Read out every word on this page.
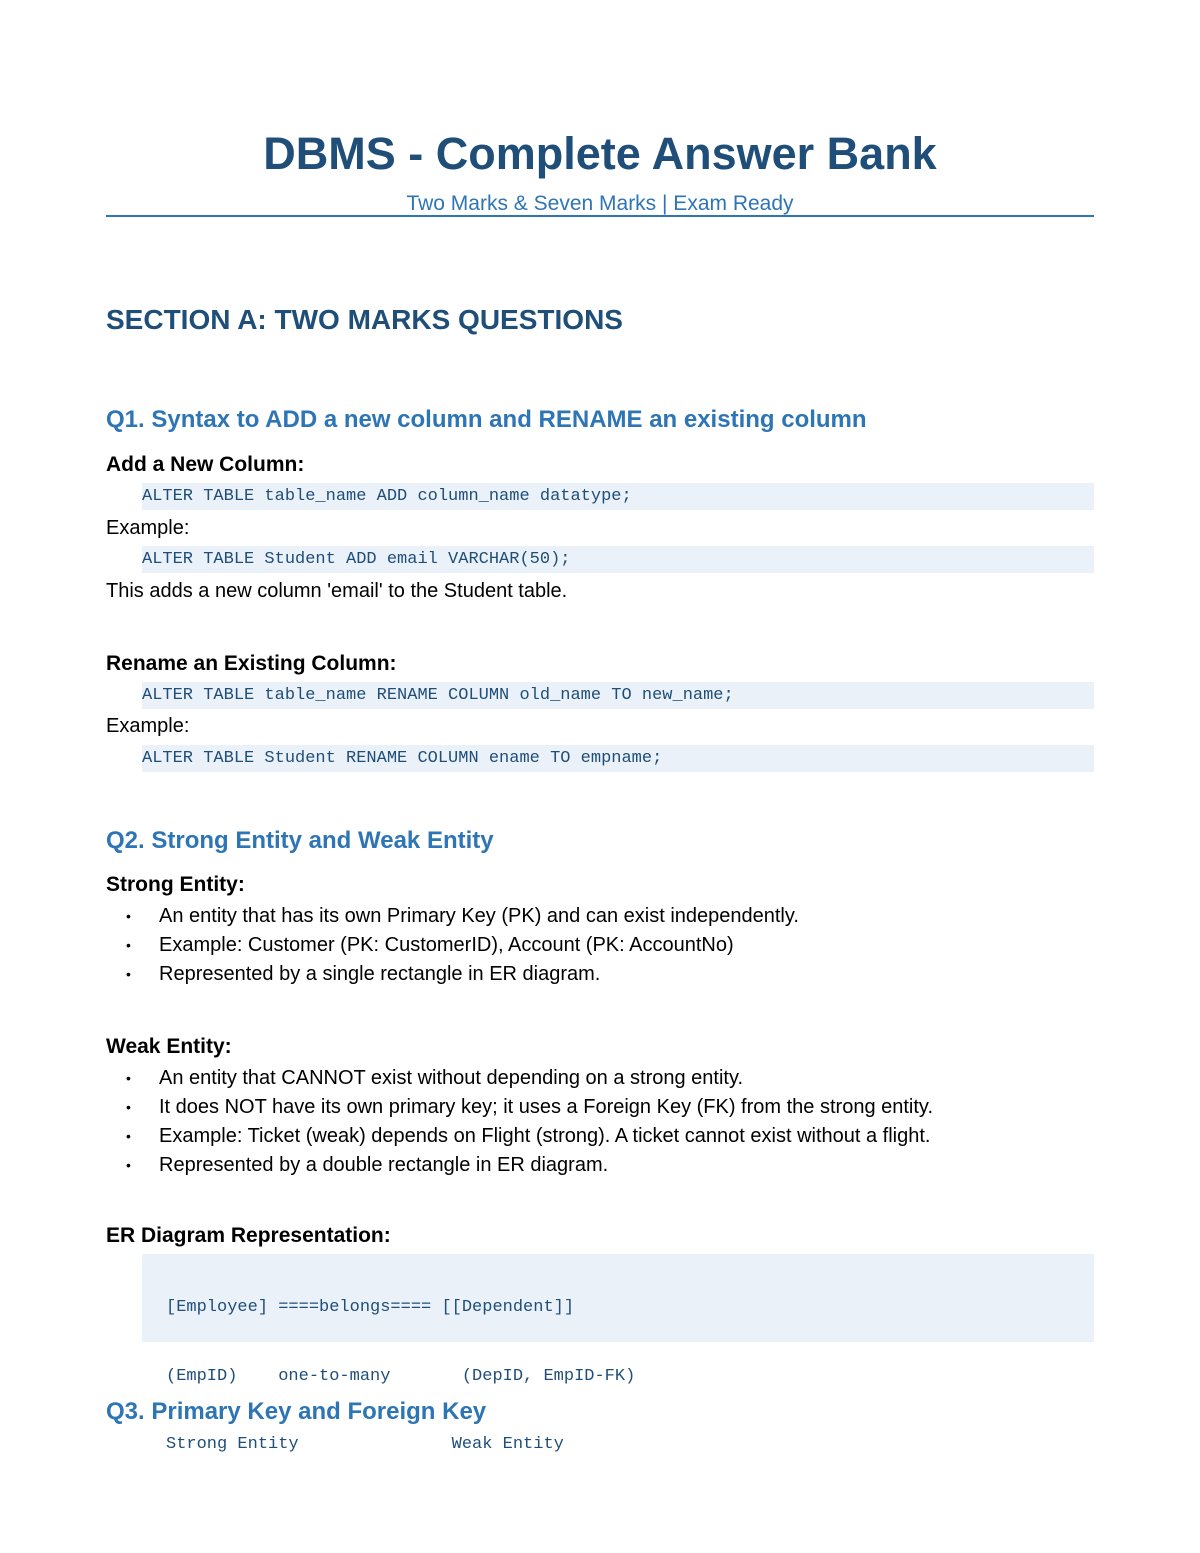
DBMS - Complete Answer Bank
Two Marks & Seven Marks | Exam Ready
SECTION A: TWO MARKS QUESTIONS
Q1. Syntax to ADD a new column and RENAME an existing column
Add a New Column:
ALTER TABLE table_name ADD column_name datatype;
Example:
ALTER TABLE Student ADD email VARCHAR(50);
This adds a new column 'email' to the Student table.
Rename an Existing Column:
ALTER TABLE table_name RENAME COLUMN old_name TO new_name;
Example:
ALTER TABLE Student RENAME COLUMN ename TO empname;
Q2. Strong Entity and Weak Entity
Strong Entity:
• An entity that has its own Primary Key (PK) and can exist independently.
• Example: Customer (PK: CustomerID), Account (PK: AccountNo)
• Represented by a single rectangle in ER diagram.
Weak Entity:
• An entity that CANNOT exist without depending on a strong entity.
• It does NOT have its own primary key; it uses a Foreign Key (FK) from the strong entity.
• Example: Ticket (weak) depends on Flight (strong). A ticket cannot exist without a flight.
• Represented by a double rectangle in ER diagram.
ER Diagram Representation:

[Employee] ====belongs==== [[Dependent]]

(EmpID)    one-to-many       (DepID, EmpID-FK)

Strong Entity               Weak Entity

Q3. Primary Key and Foreign Key
